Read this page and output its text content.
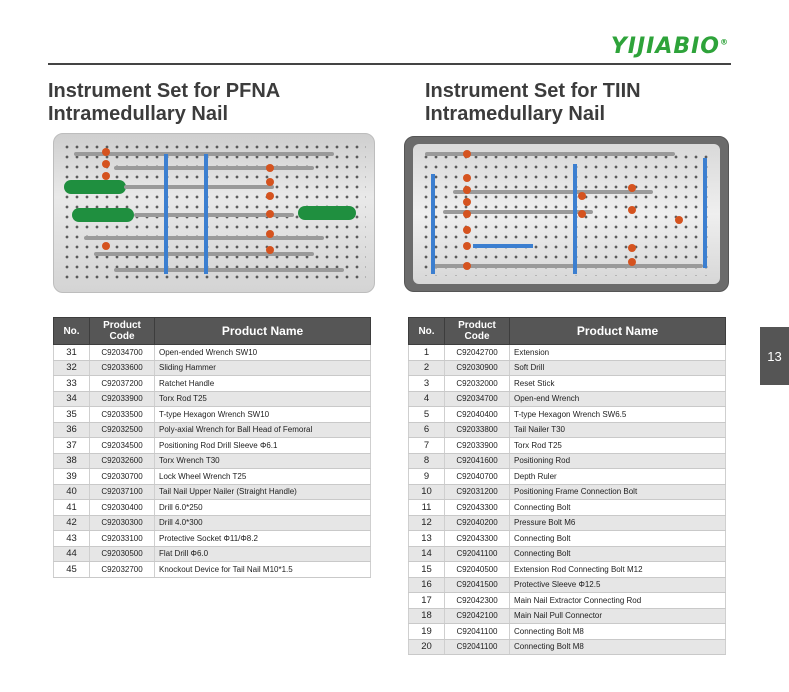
YIJIABIO®
Instrument Set for PFNA
Intramedullary Nail
Instrument Set for TIIN
Intramedullary Nail
No.	Product Code	Product Name
31	C92034700	Open-ended Wrench SW10
32	C92033600	Sliding Hammer
33	C92037200	Ratchet Handle
34	C92033900	Torx Rod T25
35	C92033500	T-type Hexagon Wrench SW10
36	C92032500	Poly-axial Wrench for Ball Head of Femoral
37	C92034500	Positioning Rod Drill Sleeve Φ6.1
38	C92032600	Torx Wrench T30
39	C92030700	Lock Wheel Wrench T25
40	C92037100	Tail Nail Upper Nailer (Straight Handle)
41	C92030400	Drill 6.0*250
42	C92030300	Drill 4.0*300
43	C92033100	Protective Socket Φ11/Φ8.2
44	C92030500	Flat Drill Φ6.0
45	C92032700	Knockout Device for Tail Nail M10*1.5
No.	Product Code	Product Name
1	C92042700	Extension
2	C92030900	Soft Drill
3	C92032000	Reset Stick
4	C92034700	Open-end Wrench
5	C92040400	T-type Hexagon Wrench SW6.5
6	C92033800	Tail Nailer T30
7	C92033900	Torx Rod T25
8	C92041600	Positioning Rod
9	C92040700	Depth Ruler
10	C92031200	Positioning Frame Connection Bolt
11	C92043300	Connecting Bolt
12	C92040200	Pressure Bolt M6
13	C92043300	Connecting Bolt
14	C92041100	Connecting Bolt
15	C92040500	Extension Rod Connecting Bolt M12
16	C92041500	Protective Sleeve Φ12.5
17	C92042300	Main Nail Extractor Connecting Rod
18	C92042100	Main Nail Pull Connector
19	C92041100	Connecting Bolt M8
20	C92041100	Connecting Bolt M8
13
